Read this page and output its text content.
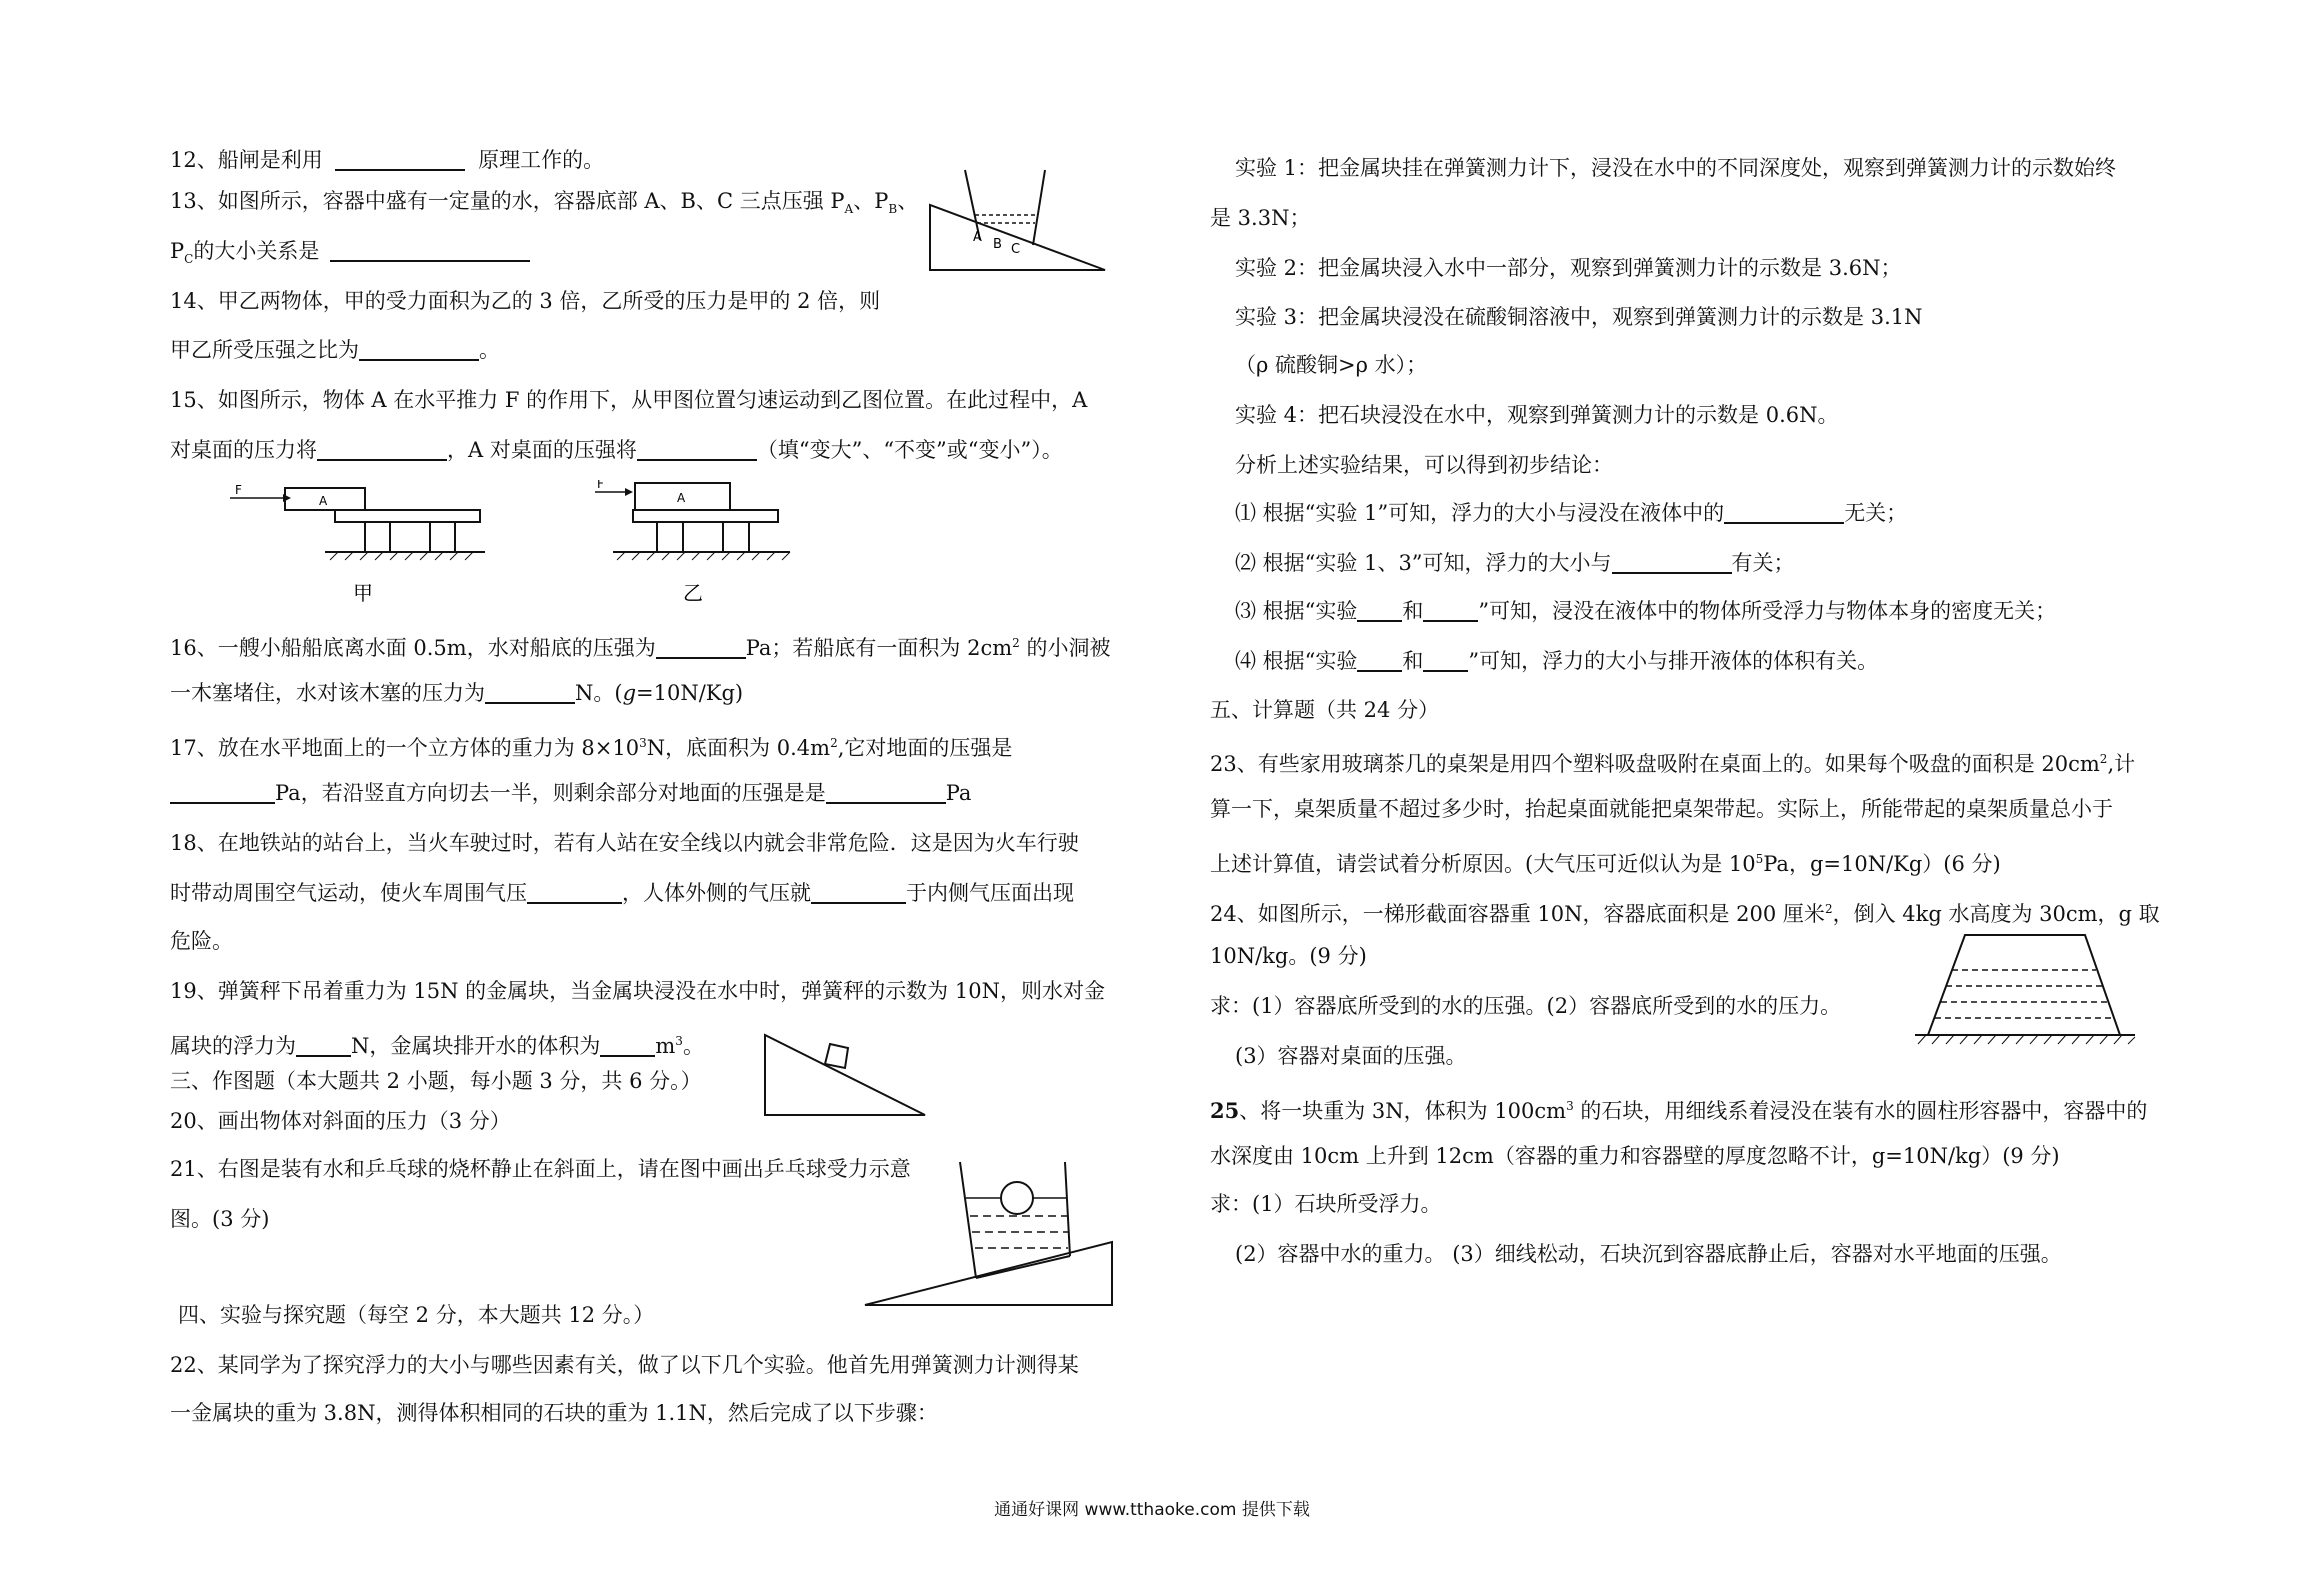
12、船闸是利用	原理工作的。
13、如图所示，容器中盛有一定量的水，容器底部 A、B、C 三点压强 $P_A$、$P_B$、
$P_C$的大小关系是
14、甲乙两物体，甲的受力面积为乙的 3 倍，乙所受的压力是甲的 2 倍，则
甲乙所受压强之比为	。
15、如图所示，物体 A 在水平推力 F 的作用下，从甲图位置匀速运动到乙图位置。在此过程中，A
对桌面的压力将	，A 对桌面的压强将	（填“变大”、“不变”或“变小”）。
16、一艘小船船底离水面 0.5m，水对船底的压强为	Pa；若船底有一面积为 $2cm^2$ 的小洞被
一木塞堵住，水对该木塞的压力为	N。(g=10N/Kg)
17、放在水平地面上的一个立方体的重力为 $8\times 10^3N$，底面积为 $0.4m^2$,它对地面的压强是
Pa，若沿竖直方向切去一半，则剩余部分对地面的压强是是	Pa
18、在地铁站的站台上，当火车驶过时，若有人站在安全线以内就会非常危险．这是因为火车行驶
时带动周围空气运动，使火车周围气压	，人体外侧的气压就	于内侧气压面出现
危险。
19、弹簧秤下吊着重力为 15N 的金属块，当金属块浸没在水中时，弹簧秤的示数为 10N，则水对金
属块的浮力为	N，金属块排开水的体积为	$m^3$。
三、作图题（本大题共 2 小题，每小题 3 分，共 6 分。）
20、画出物体对斜面的压力（3 分）
21、右图是装有水和乒乓球的烧杯静止在斜面上，请在图中画出乒乓球受力示意
图。(3 分)
四、实验与探究题（每空 2 分，本大题共 12 分。）
22、某同学为了探究浮力的大小与哪些因素有关，做了以下几个实验。他首先用弹簧测力计测得某
一金属块的重为 3.8N，测得体积相同的石块的重为 1.1N，然后完成了以下步骤：
A B C
F
A
甲
F
A
乙
实验 1：把金属块挂在弹簧测力计下，浸没在水中的不同深度处，观察到弹簧测力计的示数始终
是 3.3N；
实验 2：把金属块浸入水中一部分，观察到弹簧测力计的示数是 3.6N；
实验 3：把金属块浸没在硫酸铜溶液中，观察到弹簧测力计的示数是 3.1N
（ρ 硫酸铜>ρ 水）；
实验 4：把石块浸没在水中，观察到弹簧测力计的示数是 0.6N。
分析上述实验结果，可以得到初步结论：
⑴ 根据“实验 1”可知，浮力的大小与浸没在液体中的	无关；
⑵ 根据“实验 1、3”可知，浮力的大小与	有关；
⑶ 根据“实验 和	”可知，浸没在液体中的物体所受浮力与物体本身的密度无关；
⑷ 根据“实验 和 ”可知，浮力的大小与排开液体的体积有关。
五、计算题（共 24 分）
23、有些家用玻璃茶几的桌架是用四个塑料吸盘吸附在桌面上的。如果每个吸盘的面积是 $20cm^2$,计
算一下，桌架质量不超过多少时，抬起桌面就能把桌架带起。实际上，所能带起的桌架质量总小于
上述计算值，请尝试着分析原因。(大气压可近似认为是 $10^5Pa$，g=10N/Kg）(6 分)
24、如图所示，一梯形截面容器重 10N，容器底面积是 200 厘米$^2$，倒入 4kg 水高度为 30cm，g 取
10N/kg。(9 分)
求：(1）容器底所受到的水的压强。(2）容器底所受到的水的压力。
(3）容器对桌面的压强。
25、将一块重为 3N，体积为 $100cm^3$ 的石块，用细线系着浸没在装有水的圆柱形容器中，容器中的
水深度由 10cm 上升到 12cm（容器的重力和容器壁的厚度忽略不计，g=10N/kg）(9 分)
求：(1）石块所受浮力。
(2）容器中水的重力。 (3）细线松动，石块沉到容器底静止后，容器对水平地面的压强。
通通好课网 www.tthaoke.com 提供下载
